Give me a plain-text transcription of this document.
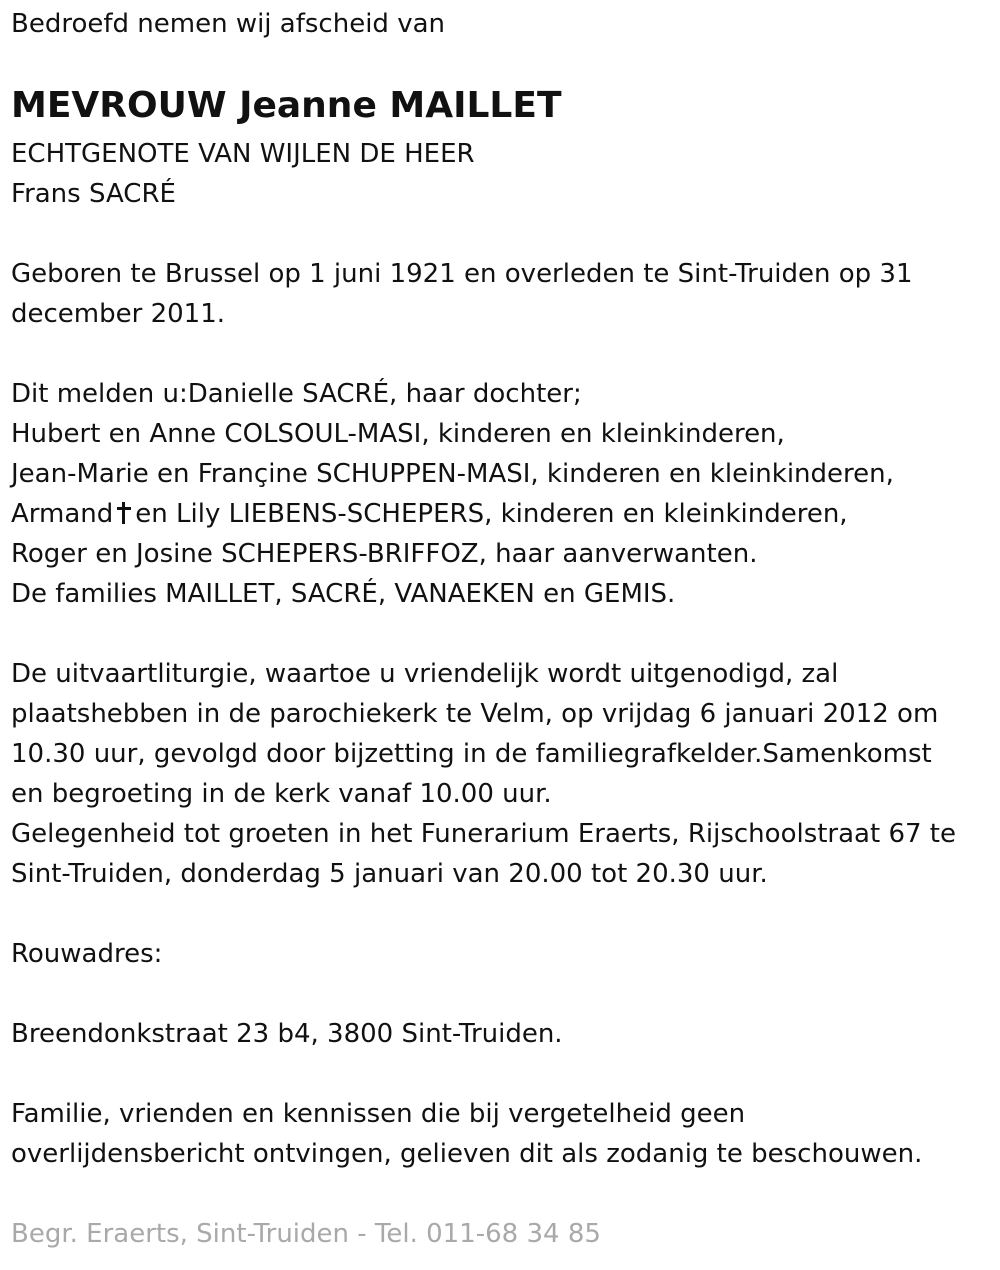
Bedroefd nemen wij afscheid van

MEVROUW Jeanne MAILLET

ECHTGENOTE VAN WIJLEN DE HEER

Frans SACRÉ

Geboren te Brussel op 1 juni 1921 en overleden te Sint-Truiden op 31

december 2011.

Dit melden u:Danielle SACRÉ, haar dochter;

Hubert en Anne COLSOUL-MASI, kinderen en kleinkinderen,

Jean-Marie en Françine SCHUPPEN-MASI, kinderen en kleinkinderen,

Armand en Lily LIEBENS-SCHEPERS, kinderen en kleinkinderen,

Roger en Josine SCHEPERS-BRIFFOZ, haar aanverwanten.

De families MAILLET, SACRÉ, VANAEKEN en GEMIS.

De uitvaartliturgie, waartoe u vriendelijk wordt uitgenodigd, zal

plaatshebben in de parochiekerk te Velm, op vrijdag 6 januari 2012 om

10.30 uur, gevolgd door bijzetting in de familiegrafkelder.Samenkomst

en begroeting in de kerk vanaf 10.00 uur.

Gelegenheid tot groeten in het Funerarium Eraerts, Rijschoolstraat 67 te

Sint-Truiden, donderdag 5 januari van 20.00 tot 20.30 uur.

Rouwadres:

Breendonkstraat 23 b4, 3800 Sint-Truiden.

Familie, vrienden en kennissen die bij vergetelheid geen

overlijdensbericht ontvingen, gelieven dit als zodanig te beschouwen.

Begr. Eraerts, Sint-Truiden - Tel. 011-68 34 85
